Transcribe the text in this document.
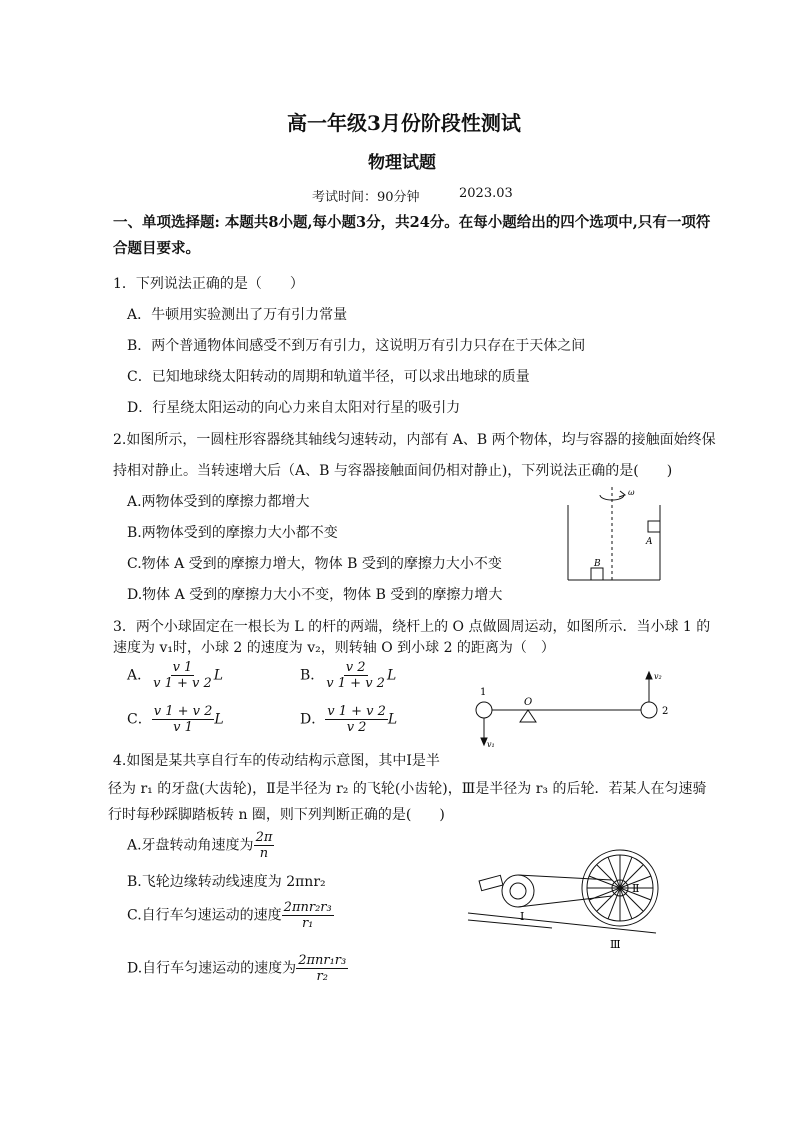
高一年级3月份阶段性测试
物理试题
考试时间：90分钟	2023.03
一、单项选择题: 本题共8小题,每小题3分，共24分。在每小题给出的四个选项中,只有一项符
合题目要求。
1．下列说法正确的是（　　）
A．牛顿用实验测出了万有引力常量
B．两个普通物体间感受不到万有引力，这说明万有引力只存在于天体之间
C．已知地球绕太阳转动的周期和轨道半径，可以求出地球的质量
D．行星绕太阳运动的向心力来自太阳对行星的吸引力
2.如图所示，一圆柱形容器绕其轴线匀速转动，内部有 A、B 两个物体，均与容器的接触面始终保
持相对静止。当转速增大后（A、B 与容器接触面间仍相对静止)，下列说法正确的是(　　)
A.两物体受到的摩擦力都增大
B.两物体受到的摩擦力大小都不变
C.物体 A 受到的摩擦力增大，物体 B 受到的摩擦力大小不变
D.物体 A 受到的摩擦力大小不变，物体 B 受到的摩擦力增大
ω
A
B
3．两个小球固定在一根长为 L 的杆的两端，绕杆上的 O 点做圆周运动，如图所示．当小球 1 的
速度为 v₁时，小球 2 的速度为 v₂，则转轴 O 到小球 2 的距离为（　）
A． $\frac{v 1}{v 1 + v 2}$ L	B． $\frac{v 2}{v 1 + v 2}$ L
C． $\frac{v 1 + v 2}{v 1}$ L	D． $\frac{v 1 + v 2}{v 2}$ L
1
2
O
v₁
v₂
4.如图是某共享自行车的传动结构示意图，其中Ⅰ是半
径为 r₁ 的牙盘(大齿轮)，Ⅱ是半径为 r₂ 的飞轮(小齿轮)，Ⅲ是半径为 r₃ 的后轮．若某人在匀速骑
行时每秒踩脚踏板转 n 圈，则下列判断正确的是(　　)
A.牙盘转动角速度为 $\frac{2\pi}{n}$
B.飞轮边缘转动线速度为 2πnr₂
C.自行车匀速运动的速度 $\frac{\text{2πnr₂r₃}}{\text{r₁}}$
D.自行车匀速运动的速度为 $\frac{\text{2πnr₁r₃}}{\text{r₂}}$
Ⅰ
Ⅱ
Ⅲ
